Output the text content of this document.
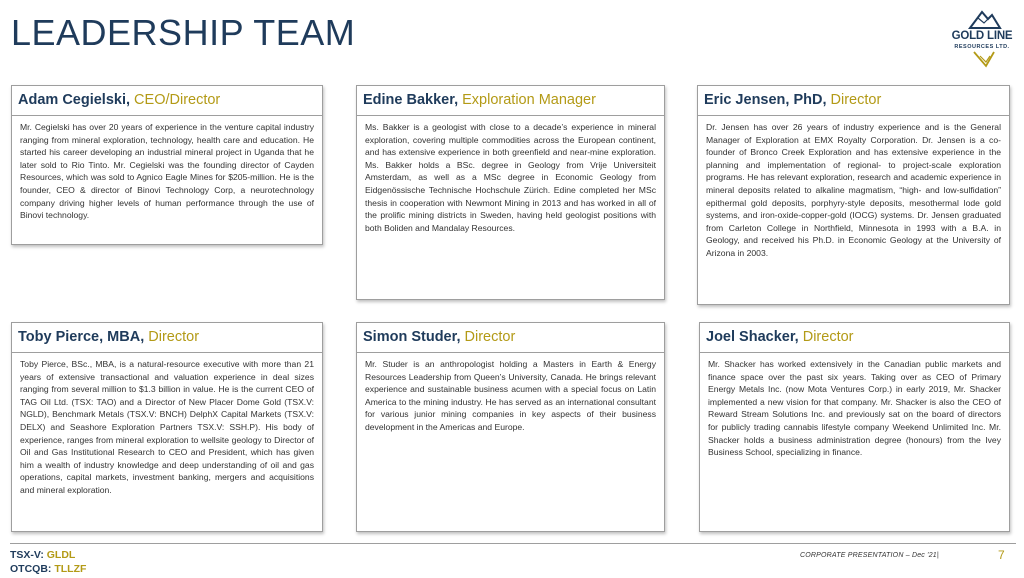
LEADERSHIP TEAM	GOLD LINE
RESOURCES LTD.
Adam Cegielski, CEO/Director
Mr. Cegielski has over 20 years of experience in the venture capital industry ranging from mineral exploration, technology, health care and education. He started his career developing an industrial mineral project in Uganda that he later sold to Rio Tinto. Mr. Cegielski was the founding director of Cayden Resources, which was sold to Agnico Eagle Mines for $205-million. He is the founder, CEO & director of Binovi Technology Corp, a neurotechnology company driving higher levels of human performance through the use of Binovi technology.
Edine Bakker, Exploration Manager
Ms. Bakker is a geologist with close to a decade’s experience in mineral exploration, covering multiple commodities across the European continent, and has extensive experience in both greenfield and near-mine exploration. Ms. Bakker holds a BSc. degree in Geology from Vrije Universiteit Amsterdam, as well as a MSc degree in Economic Geology from Eidgenössische Technische Hochschule Zürich. Edine completed her MSc thesis in cooperation with Newmont Mining in 2013 and has worked in all of the prolific mining districts in Sweden, having held geologist positions with both Boliden and Mandalay Resources.
Eric Jensen, PhD, Director
Dr. Jensen has over 26 years of industry experience and is the General Manager of Exploration at EMX Royalty Corporation. Dr. Jensen is a co-founder of Bronco Creek Exploration and has extensive experience in the planning and implementation of regional- to project-scale exploration programs. He has relevant exploration, research and academic experience in mineral deposits related to alkaline magmatism, “high- and low-sulfidation” epithermal gold deposits, porphyry-style deposits, mesothermal lode gold systems, and iron-oxide-copper-gold (IOCG) systems. Dr. Jensen graduated from Carleton College in Northfield, Minnesota in 1993 with a B.A. in Geology, and received his Ph.D. in Economic Geology at the University of Arizona in 2003.
Toby Pierce, MBA, Director
Toby Pierce, BSc., MBA, is a natural-resource executive with more than 21 years of extensive transactional and valuation experience in deal sizes ranging from several million to $1.3 billion in value. He is the current CEO of TAG Oil Ltd. (TSX: TAO) and a Director of New Placer Dome Gold (TSX.V: NGLD), Benchmark Metals (TSX.V: BNCH) DelphX Capital Markets (TSX.V: DELX) and Seashore Exploration Partners TSX.V: SSH.P). His body of experience, ranges from mineral exploration to wellsite geology to Director of Oil and Gas Institutional Research to CEO and President, which has given him a wealth of industry knowledge and deep understanding of oil and gas operations, capital markets, investment banking, mergers and acquisitions and mineral exploration.
Simon Studer, Director
Mr. Studer is an anthropologist holding a Masters in Earth & Energy Resources Leadership from Queen’s University, Canada. He brings relevant experience and sustainable business acumen with a special focus on Latin America to the mining industry. He has served as an international consultant for various junior mining companies in key aspects of their business development in the Americas and Europe.
Joel Shacker, Director
Mr. Shacker has worked extensively in the Canadian public markets and finance space over the past six years. Taking over as CEO of Primary Energy Metals Inc. (now Mota Ventures Corp.) in early 2019, Mr. Shacker implemented a new vision for that company. Mr. Shacker is also the CEO of Reward Stream Solutions Inc. and previously sat on the board of directors for publicly trading cannabis lifestyle company Weekend Unlimited Inc. Mr. Shacker holds a business administration degree (honours) from the Ivey Business School, specializing in finance.
TSX-V: GLDL
OTCQB: TLLZF
CORPORATE PRESENTATION – Dec '21|	7
